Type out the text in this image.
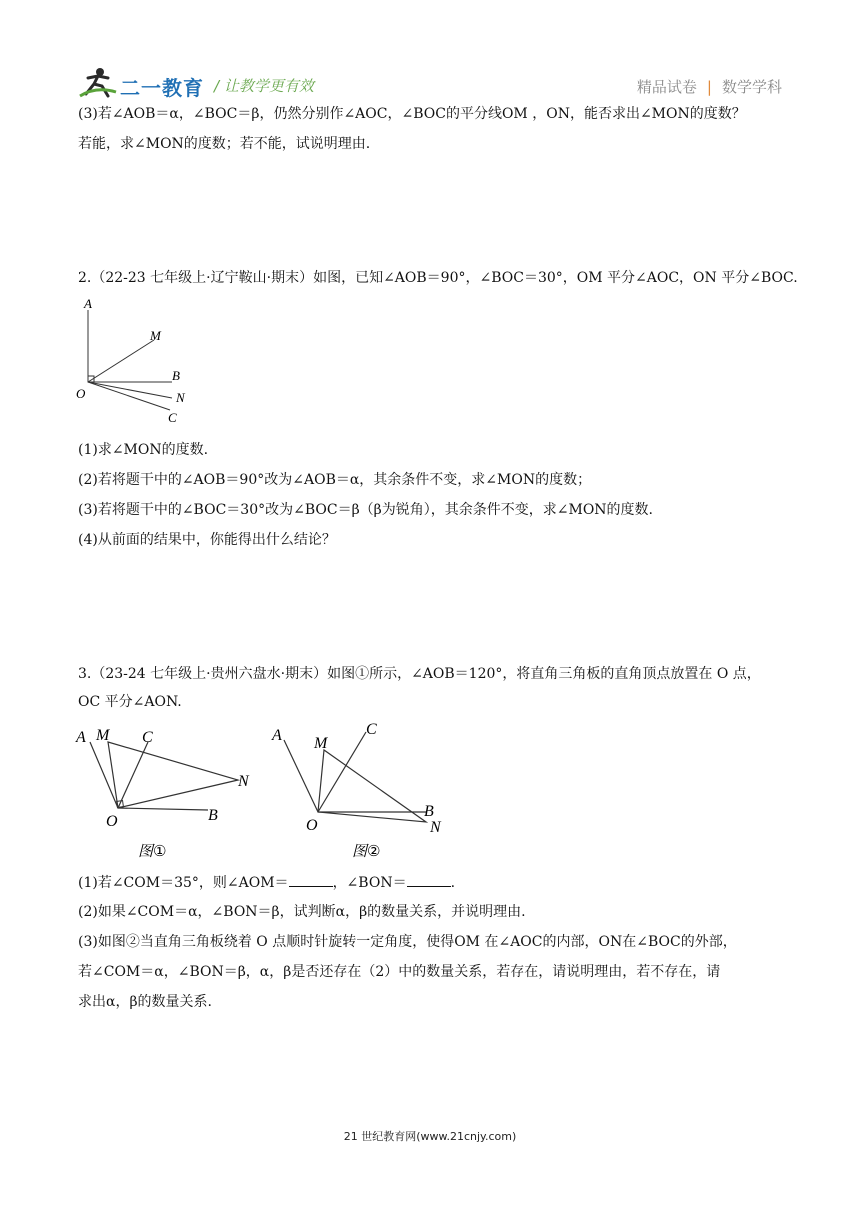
二一教育 / 让教学更有效	精品试卷 | 数学学科
(3)若∠AOB＝α，∠BOC＝β，仍然分别作∠AOC，∠BOC的平分线OM ，ON，能否求出∠MON的度数？
若能，求∠MON的度数；若不能，试说明理由.
2.（22-23 七年级上·辽宁鞍山·期末）如图，已知∠AOB＝90°，∠BOC＝30°，OM 平分∠AOC，ON 平分∠BOC.
A
M
B
N
O
C
(1)求∠MON的度数.
(2)若将题干中的∠AOB＝90°改为∠AOB＝α，其余条件不变，求∠MON的度数；
(3)若将题干中的∠BOC＝30°改为∠BOC＝β（β为锐角），其余条件不变，求∠MON的度数.
(4)从前面的结果中，你能得出什么结论？
3.（23-24 七年级上·贵州六盘水·期末）如图①所示，∠AOB＝120°，将直角三角板的直角顶点放置在 O 点，
OC 平分∠AON.
A M C
N
O	B
图①
A M
C
B
N
O
图②
(1)若∠COM＝35°，则∠AOM＝	，∠BON＝	.
(2)如果∠COM＝α，∠BON＝β，试判断α，β的数量关系，并说明理由.
(3)如图②当直角三角板绕着 O 点顺时针旋转一定角度，使得OM 在∠AOC的内部，ON在∠BOC的外部，
若∠COM＝α，∠BON＝β，α，β是否还存在（2）中的数量关系，若存在，请说明理由，若不存在，请
求出α，β的数量关系.
21 世纪教育网(www.21cnjy.com)
